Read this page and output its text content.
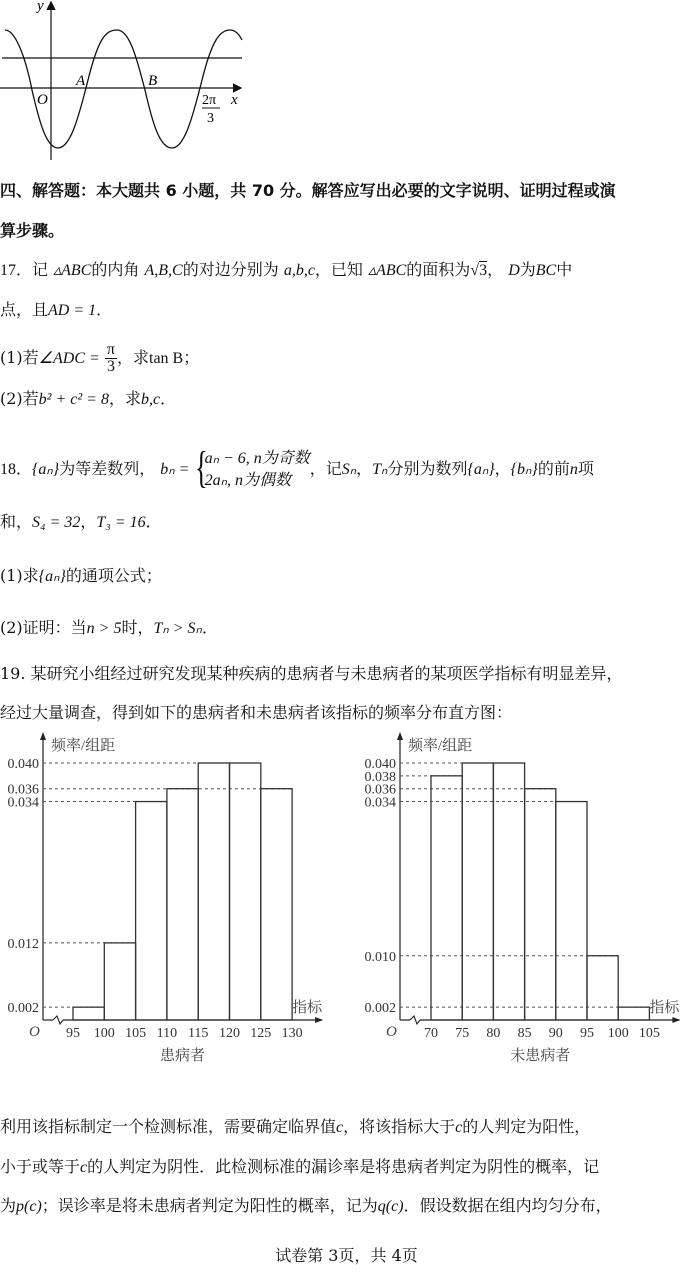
y
x
O
A	B
2π
3
四、解答题：本大题共 6 小题，共 70 分。解答应写出必要的文字说明、证明过程或演
算步骤。
17．记 ▵ABC的内角 A,B,C的对边分别为 a,b,c，已知 ▵ABC的面积为√3， D为BC中
点，且AD = 1．
(1)若∠ADC = $\frac{\pi}{3}$ ，求tan B；
(2)若b² + c² = 8，求b,c．
18．{aₙ}为等差数列， bₙ = {
aₙ − 6, n为奇数
2aₙ, n为偶数
，记Sₙ，Tₙ分别为数列{aₙ}，{bₙ}的前n项
和，S₄ = 32，T₃ = 16．
(1)求{aₙ}的通项公式；
(2)证明：当n > 5时，Tₙ > Sₙ．
19. 某研究小组经过研究发现某种疾病的患病者与未患病者的某项医学指标有明显差异，
经过大量调查，得到如下的患病者和未患病者该指标的频率分布直方图：
频率/组距
指标
O
患病者
0.040
0.036
0.034
0.012
0.002
95 100 105 110 115 120 125 130
频率/组距
指标
O
未患病者
0.040
0.038
0.036
0.034
0.010
0.002
70 75 80 85 90 95 100 105
利用该指标制定一个检测标准，需要确定临界值c，将该指标大于c的人判定为阳性，
小于或等于c的人判定为阴性．此检测标准的漏诊率是将患病者判定为阴性的概率，记
为p(c)；误诊率是将未患病者判定为阳性的概率，记为q(c)．假设数据在组内均匀分布，
试卷第 3页，共 4页
